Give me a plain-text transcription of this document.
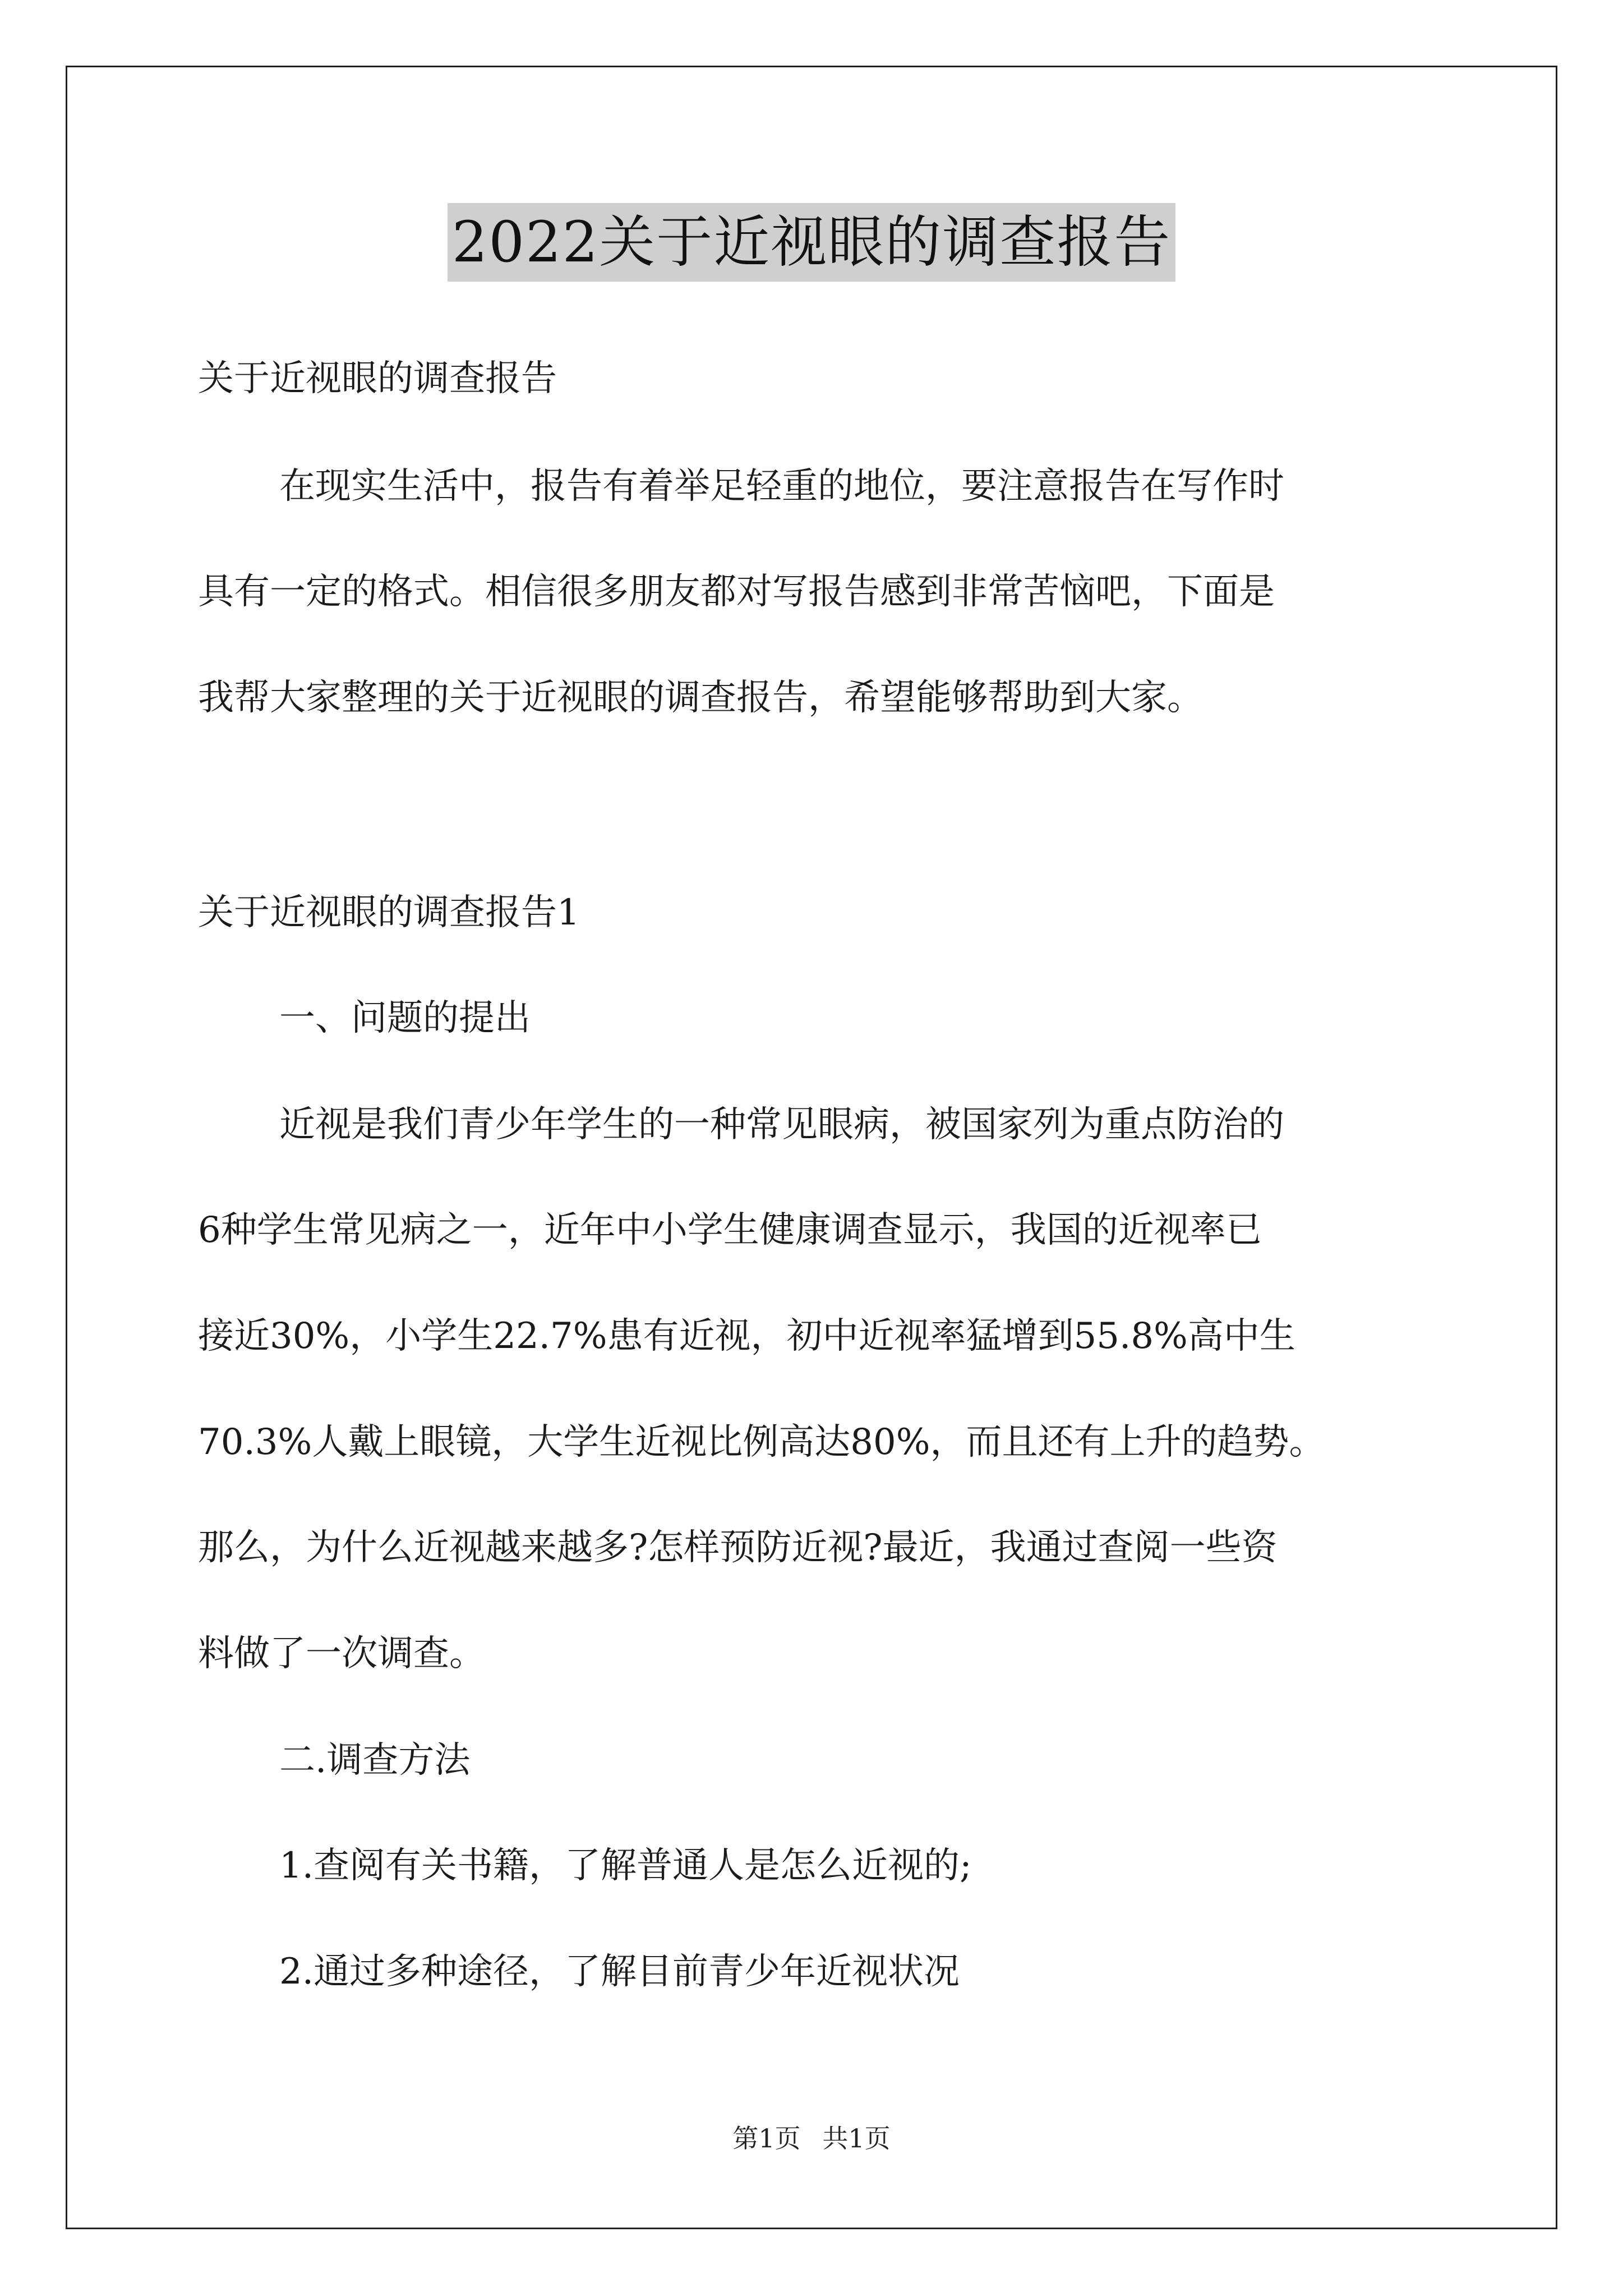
2022关于近视眼的调查报告
关于近视眼的调查报告
在现实生活中，报告有着举足轻重的地位，要注意报告在写作时
具有一定的格式。相信很多朋友都对写报告感到非常苦恼吧，下面是
我帮大家整理的关于近视眼的调查报告，希望能够帮助到大家。
关于近视眼的调查报告1
一、问题的提出
近视是我们青少年学生的一种常见眼病，被国家列为重点防治的
6种学生常见病之一，近年中小学生健康调查显示，我国的近视率已
接近30%，小学生22.7%患有近视，初中近视率猛增到55.8%高中生
70.3%人戴上眼镜，大学生近视比例高达80%，而且还有上升的趋势。
那么，为什么近视越来越多?怎样预防近视?最近，我通过查阅一些资
料做了一次调查。
二.调查方法
1.查阅有关书籍，了解普通人是怎么近视的;
2.通过多种途径，了解目前青少年近视状况
第1页 共1页
